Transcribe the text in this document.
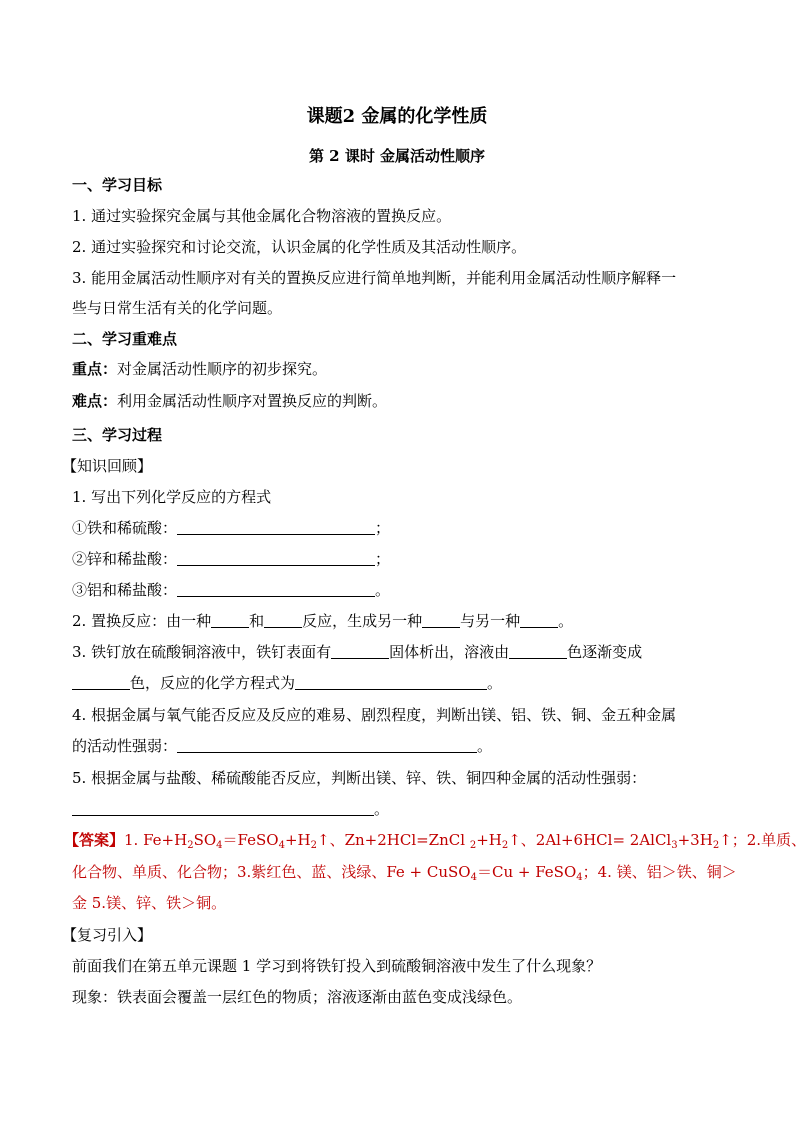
课题2 金属的化学性质
第 2 课时 金属活动性顺序
一、学习目标
1. 通过实验探究金属与其他金属化合物溶液的置换反应。
2. 通过实验探究和讨论交流，认识金属的化学性质及其活动性顺序。
3. 能用金属活动性顺序对有关的置换反应进行简单地判断，并能利用金属活动性顺序解释一
些与日常生活有关的化学问题。
二、学习重难点
重点：对金属活动性顺序的初步探究。
难点：利用金属活动性顺序对置换反应的判断。
三、学习过程
【知识回顾】
1. 写出下列化学反应的方程式
①铁和稀硫酸：	；
②锌和稀盐酸：	；
③铝和稀盐酸：	。
2. 置换反应：由一种	和	反应，生成另一种	与另一种	。
3. 铁钉放在硫酸铜溶液中，铁钉表面有	固体析出，溶液由	色逐渐变成
色，反应的化学方程式为	。
4. 根据金属与氧气能否反应及反应的难易、剧烈程度，判断出镁、铝、铁、铜、金五种金属
的活动性强弱：	。
5. 根据金属与盐酸、稀硫酸能否反应，判断出镁、锌、铁、铜四种金属的活动性强弱：
。
【答案】1. $Fe+H_2SO_4=FeSO_4+H_2↑$、Zn+2HCl=ZnCl $_2+H_2↑$、$2Al+6HCl= 2AlCl_3+3H_2↑$；2.单质、
化合物、单质、化合物；3.紫红色、蓝、浅绿、Fe + CuSO$_4$＝Cu + FeSO$_4$；4. 镁、铝＞铁、铜＞
金 5.镁、锌、铁＞铜。
【复习引入】
前面我们在第五单元课题 1 学习到将铁钉投入到硫酸铜溶液中发生了什么现象？
现象：铁表面会覆盖一层红色的物质；溶液逐渐由蓝色变成浅绿色。
